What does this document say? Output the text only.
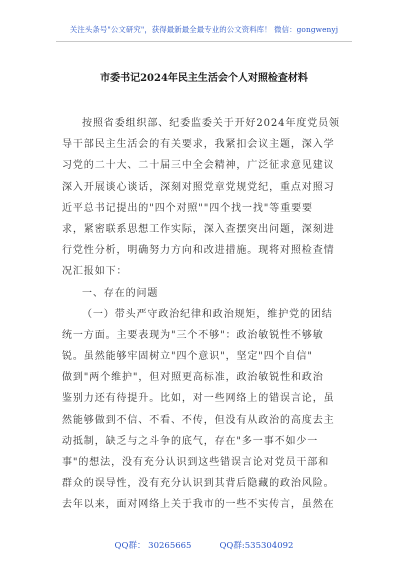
关注头条号"公文研究"，获得最新最全最专业的公文资料库！ 微信：gongwenyj
市委书记2024年民主生活会个人对照检查材料
按照省委组织部、纪委监委关于开好2024年度党员领
导干部民主生活会的有关要求，我紧扣会议主题，深入学
习党的二十大、二十届三中全会精神，广泛征求意见建议
深入开展谈心谈话，深刻对照党章党规党纪，重点对照习
近平总书记提出的"四个对照""四个找一找"等重要要
求，紧密联系思想工作实际，深入查摆突出问题，深刻进
行党性分析，明确努力方向和改进措施。现将对照检查情
况汇报如下：
一、存在的问题
（一）带头严守政治纪律和政治规矩，维护党的团结
统一方面。主要表现为"三个不够"：政治敏锐性不够敏
锐。虽然能够牢固树立"四个意识"，坚定"四个自信"
做到"两个维护"，但对照更高标准，政治敏锐性和政治
鉴别力还有待提升。比如，对一些网络上的错误言论，虽
然能够做到不信、不看、不传，但没有从政治的高度去主
动抵制，缺乏与之斗争的底气，存在"多一事不如少一
事"的想法，没有充分认识到这些错误言论对党员干部和
群众的误导性，没有充分认识到其背后隐藏的政治风险。
去年以来，面对网络上关于我市的一些不实传言，虽然在
QQ群： 30265665	QQ群:535304092
